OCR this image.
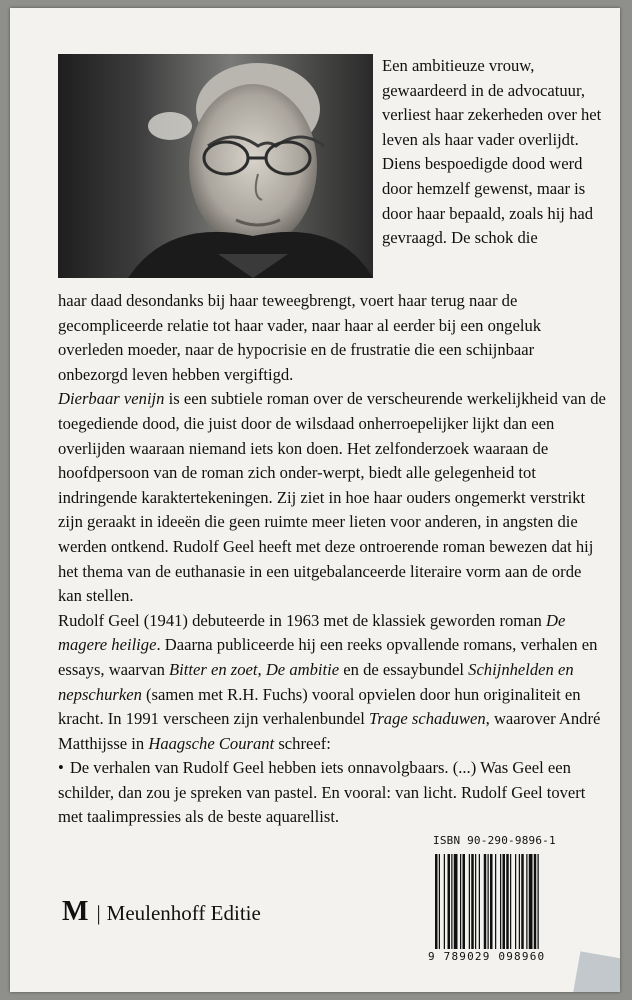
Een ambitieuze vrouw, gewaardeerd in de advocatuur, verliest haar zekerheden over het leven als haar vader overlijdt. Diens bespoedigde dood werd door hemzelf gewenst, maar is door haar bepaald, zoals hij had gevraagd. De schok die

haar daad desondanks bij haar teweegbrengt, voert haar terug naar de gecompliceerde relatie tot haar vader, naar haar al eerder bij een ongeluk overleden moeder, naar de hypocrisie en de frustratie die een schijnbaar onbezorgd leven hebben vergiftigd.

Dierbaar venijn is een subtiele roman over de verscheurende werkelijkheid van de toegediende dood, die juist door de wilsdaad onherroepelijker lijkt dan een overlijden waaraan niemand iets kon doen. Het zelfonderzoek waaraan de hoofdpersoon van de roman zich onder-werpt, biedt alle gelegenheid tot indringende karaktertekeningen. Zij ziet in hoe haar ouders ongemerkt verstrikt zijn geraakt in ideeën die geen ruimte meer lieten voor anderen, in angsten die werden ontkend. Rudolf Geel heeft met deze ontroerende roman bewezen dat hij het thema van de euthanasie in een uitgebalanceerde literaire vorm aan de orde kan stellen.

Rudolf Geel (1941) debuteerde in 1963 met de klassiek geworden roman De magere heilige. Daarna publiceerde hij een reeks opvallende romans, verhalen en essays, waarvan Bitter en zoet, De ambitie en de essaybundel Schijnhelden en nepschurken (samen met R.H. Fuchs) vooral opvielen door hun originaliteit en kracht. In 1991 verscheen zijn verhalenbundel Trage schaduwen, waarover André Matthijsse in Haagsche Courant schreef:

• De verhalen van Rudolf Geel hebben iets onnavolgbaars. (...) Was Geel een schilder, dan zou je spreken van pastel. En vooral: van licht. Rudolf Geel tovert met taalimpressies als de beste aquarellist.

ISBN 90-290-9896-1
9 789029 098960
M | Meulenhoff Editie
